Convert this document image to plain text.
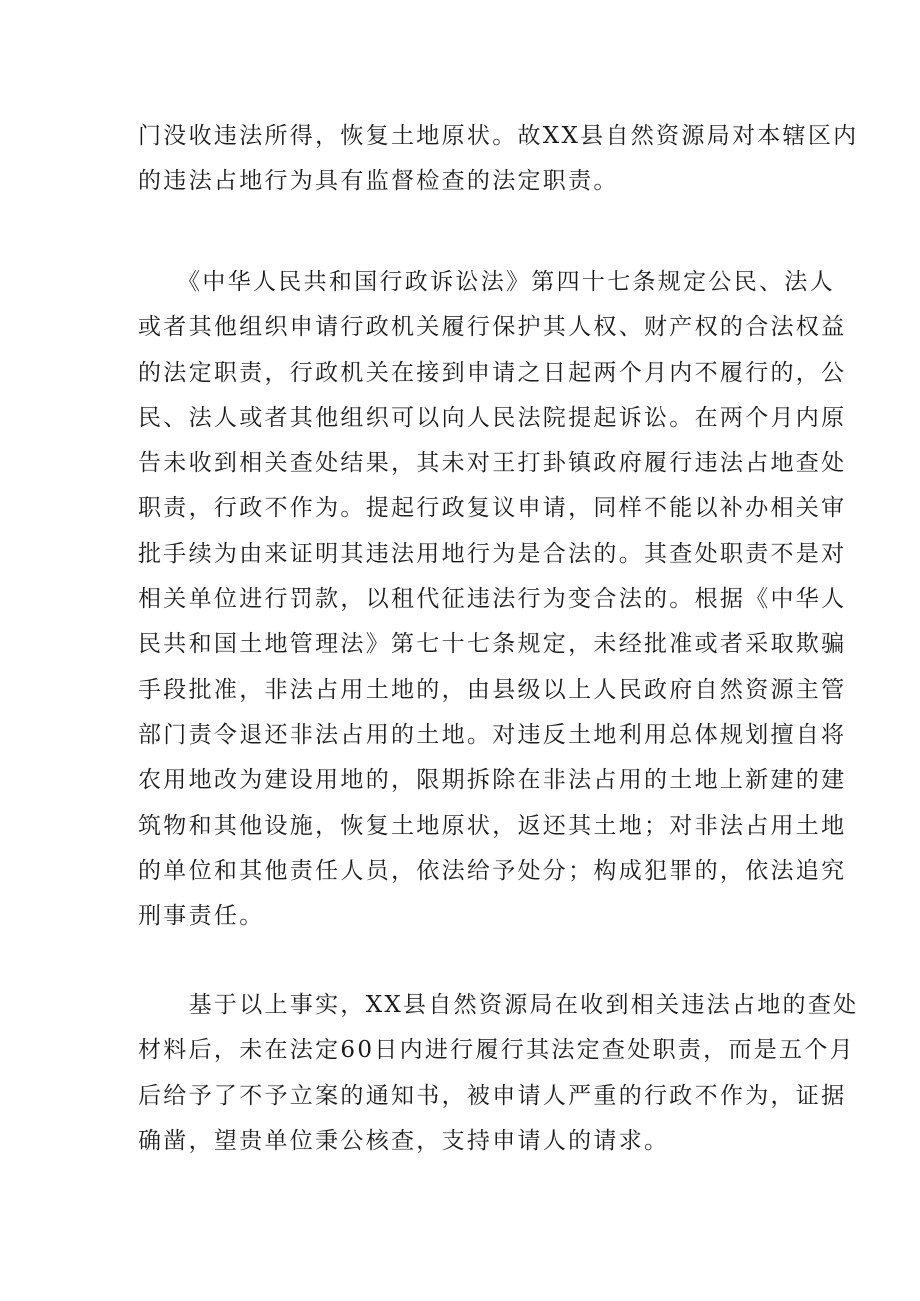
门没收违法所得，恢复土地原状。故XX县自然资源局对本辖区内
的违法占地行为具有监督检查的法定职责。
　　《中华人民共和国行政诉讼法》第四十七条规定公民、法人
或者其他组织申请行政机关履行保护其人权、财产权的合法权益
的法定职责，行政机关在接到申请之日起两个月内不履行的，公
民、法人或者其他组织可以向人民法院提起诉讼。在两个月内原
告未收到相关查处结果，其未对王打卦镇政府履行违法占地查处
职责，行政不作为。提起行政复议申请，同样不能以补办相关审
批手续为由来证明其违法用地行为是合法的。其查处职责不是对
相关单位进行罚款，以租代征违法行为变合法的。根据《中华人
民共和国土地管理法》第七十七条规定，未经批准或者采取欺骗
手段批准，非法占用土地的，由县级以上人民政府自然资源主管
部门责令退还非法占用的土地。对违反土地利用总体规划擅自将
农用地改为建设用地的，限期拆除在非法占用的土地上新建的建
筑物和其他设施，恢复土地原状，返还其土地；对非法占用土地
的单位和其他责任人员，依法给予处分；构成犯罪的，依法追究
刑事责任。
　　基于以上事实，XX县自然资源局在收到相关违法占地的查处
材料后，未在法定60日内进行履行其法定查处职责，而是五个月
后给予了不予立案的通知书，被申请人严重的行政不作为，证据
确凿，望贵单位秉公核查，支持申请人的请求。
